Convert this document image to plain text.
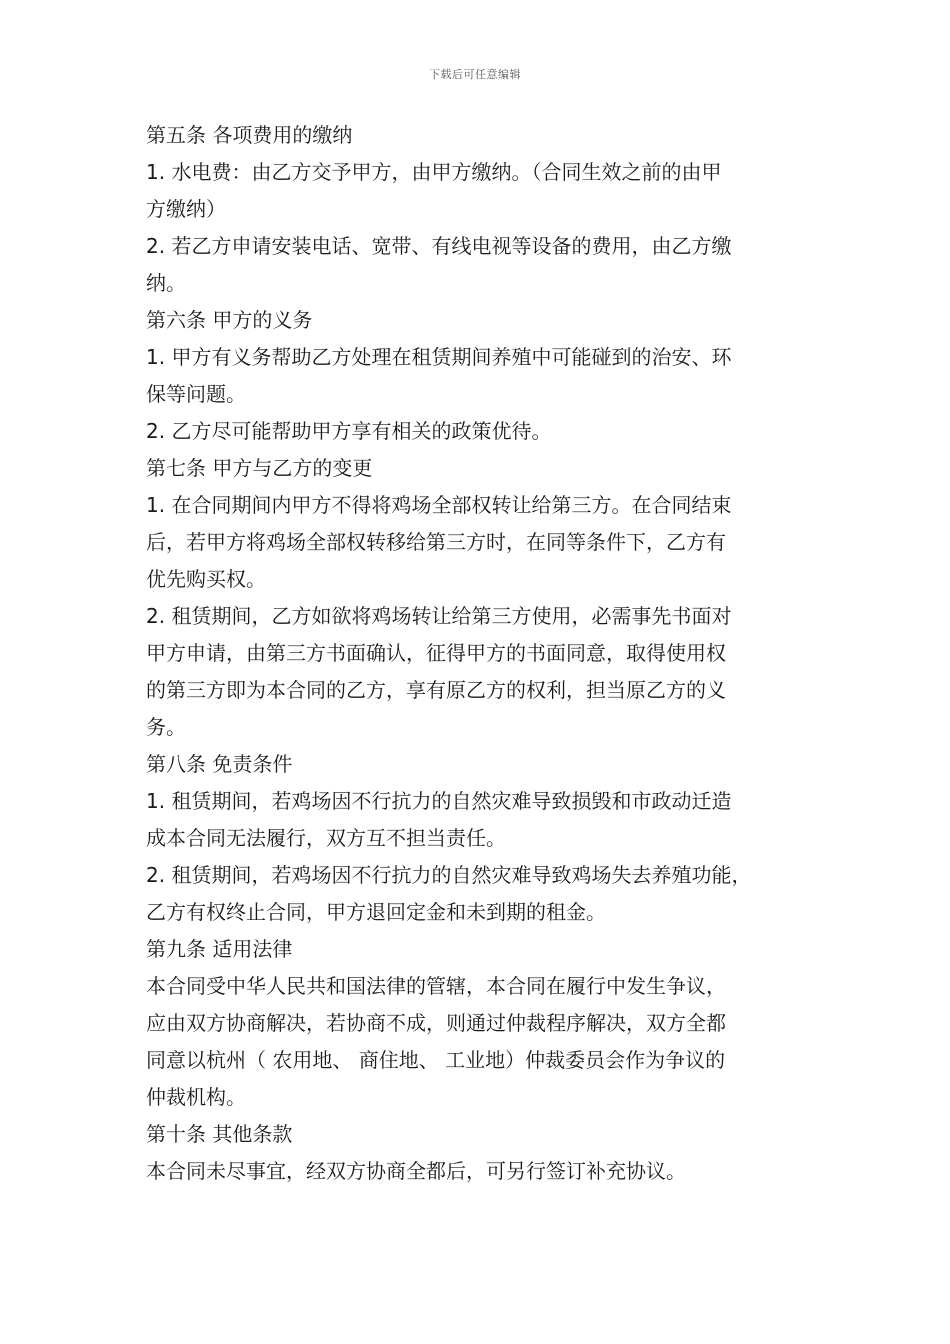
下载后可任意编辑
第五条 各项费用的缴纳
1. 水电费：由乙方交予甲方，由甲方缴纳。（合同生效之前的由甲
方缴纳）
2. 若乙方申请安装电话、宽带、有线电视等设备的费用，由乙方缴
纳。
第六条 甲方的义务
1. 甲方有义务帮助乙方处理在租赁期间养殖中可能碰到的治安、环
保等问题。
2. 乙方尽可能帮助甲方享有相关的政策优待。
第七条 甲方与乙方的变更
1. 在合同期间内甲方不得将鸡场全部权转让给第三方。在合同结束
后，若甲方将鸡场全部权转移给第三方时，在同等条件下，乙方有
优先购买权。
2. 租赁期间，乙方如欲将鸡场转让给第三方使用，必需事先书面对
甲方申请，由第三方书面确认，征得甲方的书面同意，取得使用权
的第三方即为本合同的乙方，享有原乙方的权利，担当原乙方的义
务。
第八条 免责条件
1. 租赁期间，若鸡场因不行抗力的自然灾难导致损毁和市政动迁造
成本合同无法履行，双方互不担当责任。
2. 租赁期间，若鸡场因不行抗力的自然灾难导致鸡场失去养殖功能，
乙方有权终止合同，甲方退回定金和未到期的租金。
第九条 适用法律
本合同受中华人民共和国法律的管辖，本合同在履行中发生争议，
应由双方协商解决，若协商不成，则通过仲裁程序解决，双方全都
同意以杭州（ 农用地、 商住地、 工业地）仲裁委员会作为争议的
仲裁机构。
第十条 其他条款
本合同未尽事宜，经双方协商全都后，可另行签订补充协议。
